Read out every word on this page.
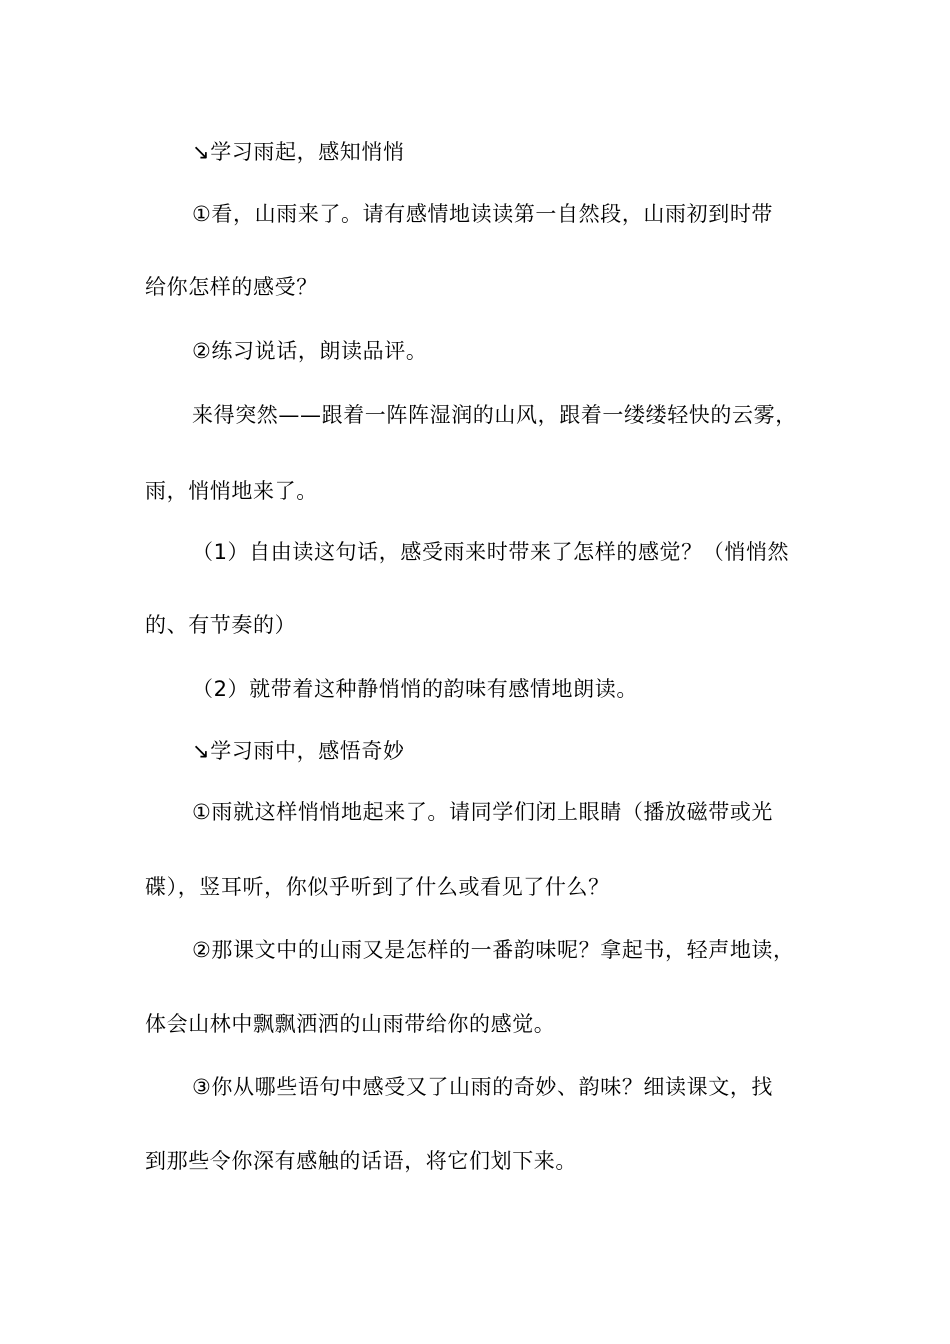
↘学习雨起，感知悄悄
①看，山雨来了。请有感情地读读第一自然段，山雨初到时带
给你怎样的感受？
②练习说话，朗读品评。
来得突然——跟着一阵阵湿润的山风，跟着一缕缕轻快的云雾，
雨，悄悄地来了。
（1）自由读这句话，感受雨来时带来了怎样的感觉？（悄悄然
的、有节奏的）
（2）就带着这种静悄悄的韵味有感情地朗读。
↘学习雨中，感悟奇妙
①雨就这样悄悄地起来了。请同学们闭上眼睛（播放磁带或光
碟），竖耳听，你似乎听到了什么或看见了什么？
②那课文中的山雨又是怎样的一番韵味呢？拿起书，轻声地读，
体会山林中飘飘洒洒的山雨带给你的感觉。
③你从哪些语句中感受又了山雨的奇妙、韵味？细读课文，找
到那些令你深有感触的话语，将它们划下来。
